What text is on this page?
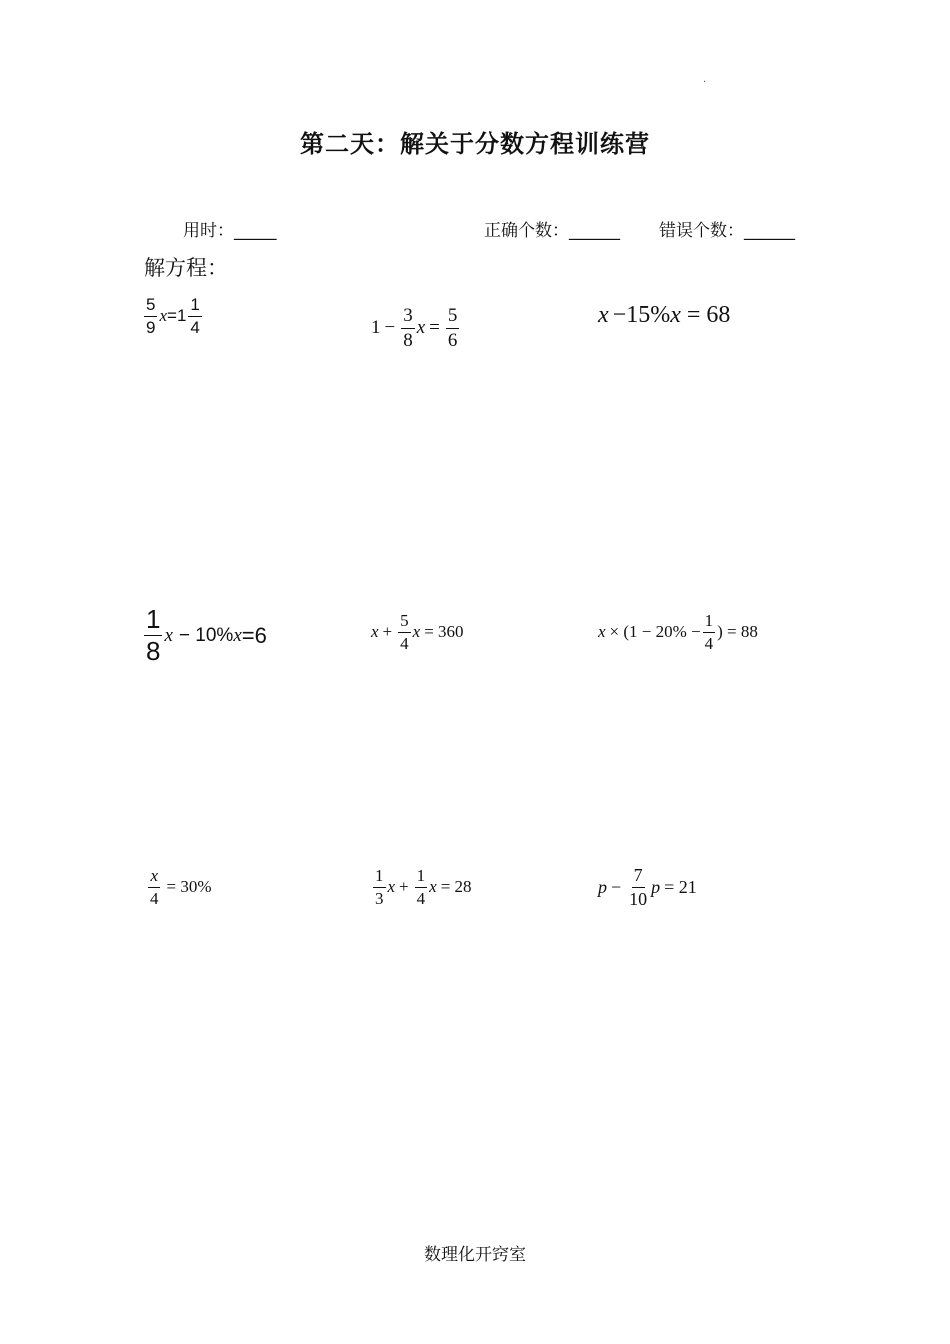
.
第二天：解关于分数方程训练营
用时：_____	正确个数：______ 错误个数：______
解方程：
$\frac{5}{9}$ $x =1 \frac{1}{4}$	$1 - \frac{3}{8}$ $x = \frac{5}{6}$	x −15% x = 68
$\frac{1}{8}$ x − 10% x =6	$x + \frac{5}{4}$ x = 360	$x \times (1 - 20\% - \frac{1}{4}$ ) = 88
$\frac{x}{4} = 30\%$	$\frac{1}{3}$ $x + \frac{1}{4}$ x = 28	$p - \frac{7}{10}$ p = 21
数理化开窍室
